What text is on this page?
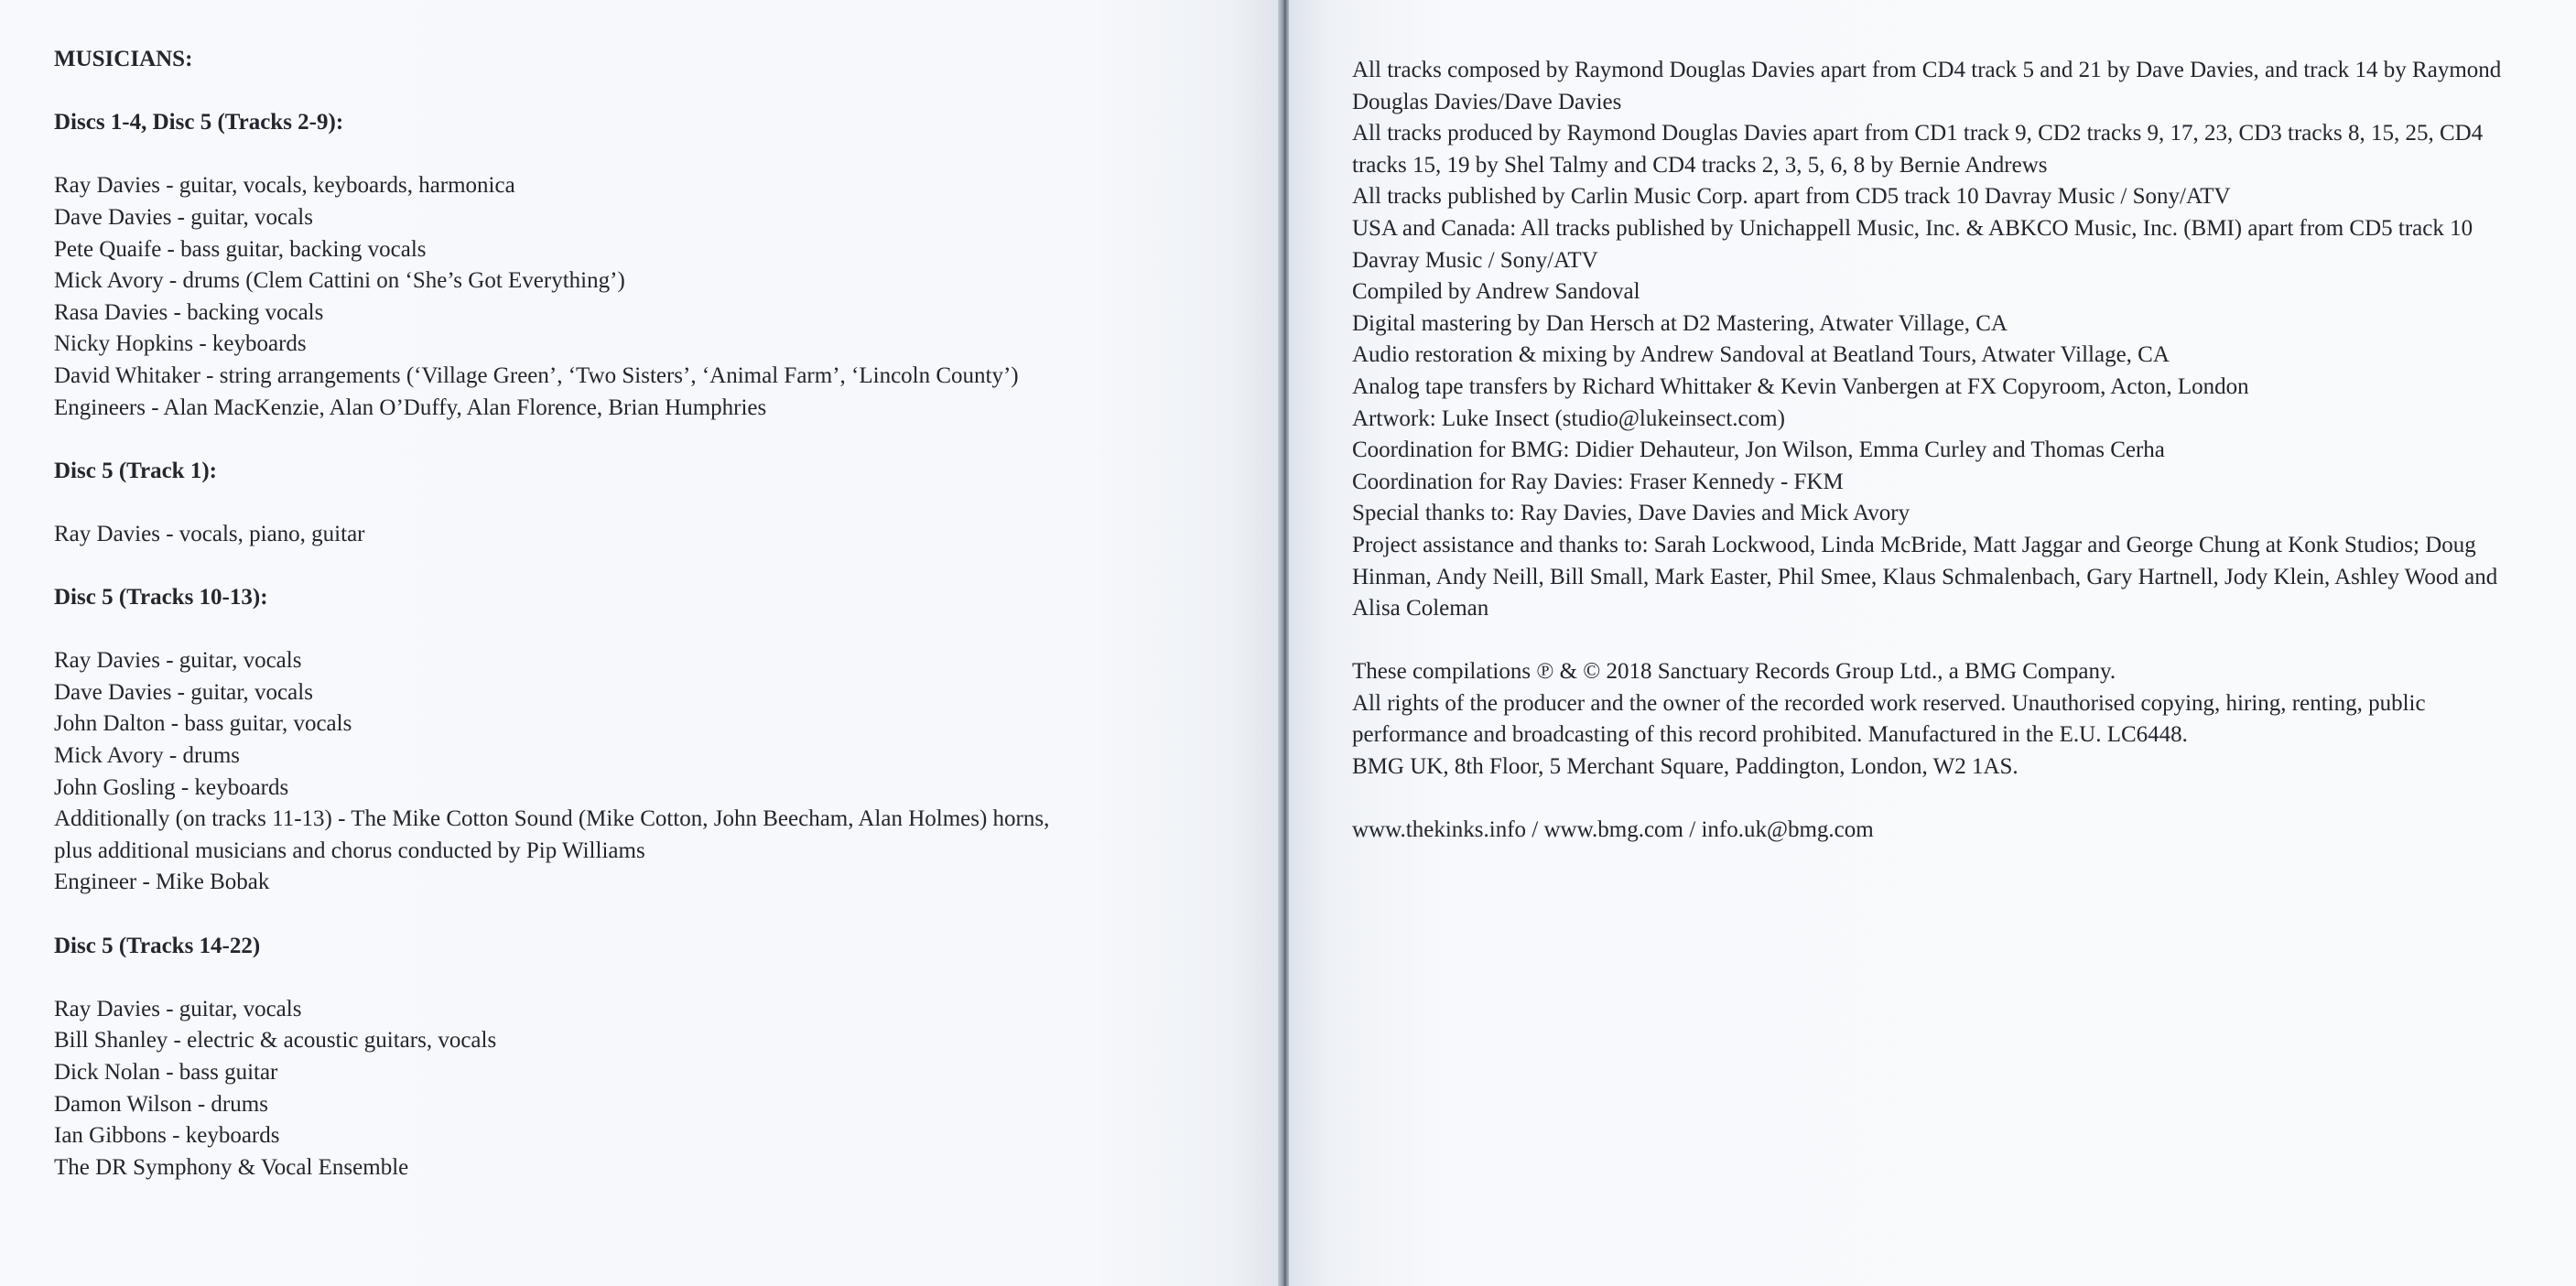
MUSICIANS:
Discs 1-4, Disc 5 (Tracks 2-9):
Ray Davies - guitar, vocals, keyboards, harmonica
Dave Davies - guitar, vocals
Pete Quaife - bass guitar, backing vocals
Mick Avory - drums (Clem Cattini on ‘She’s Got Everything’)
Rasa Davies - backing vocals
Nicky Hopkins - keyboards
David Whitaker - string arrangements (‘Village Green’, ‘Two Sisters’, ‘Animal Farm’, ‘Lincoln County’)
Engineers - Alan MacKenzie, Alan O’Duffy, Alan Florence, Brian Humphries
Disc 5 (Track 1):
Ray Davies - vocals, piano, guitar
Disc 5 (Tracks 10-13):
Ray Davies - guitar, vocals
Dave Davies - guitar, vocals
John Dalton - bass guitar, vocals
Mick Avory - drums
John Gosling - keyboards
Additionally (on tracks 11-13) - The Mike Cotton Sound (Mike Cotton, John Beecham, Alan Holmes) horns,
plus additional musicians and chorus conducted by Pip Williams
Engineer - Mike Bobak
Disc 5 (Tracks 14-22)
Ray Davies - guitar, vocals
Bill Shanley - electric & acoustic guitars, vocals
Dick Nolan - bass guitar
Damon Wilson - drums
Ian Gibbons - keyboards
The DR Symphony & Vocal Ensemble

All tracks composed by Raymond Douglas Davies apart from CD4 track 5 and 21 by Dave Davies, and track 14 by Raymond Douglas Davies/Dave Davies

All tracks produced by Raymond Douglas Davies apart from CD1 track 9, CD2 tracks 9, 17, 23, CD3 tracks 8, 15, 25, CD4 tracks 15, 19 by Shel Talmy and CD4 tracks 2, 3, 5, 6, 8 by Bernie Andrews

All tracks published by Carlin Music Corp. apart from CD5 track 10 Davray Music / Sony/ATV

USA and Canada: All tracks published by Unichappell Music, Inc. & ABKCO Music, Inc. (BMI) apart from CD5 track 10 Davray Music / Sony/ATV

Compiled by Andrew Sandoval

Digital mastering by Dan Hersch at D2 Mastering, Atwater Village, CA

Audio restoration & mixing by Andrew Sandoval at Beatland Tours, Atwater Village, CA

Analog tape transfers by Richard Whittaker & Kevin Vanbergen at FX Copyroom, Acton, London

Artwork: Luke Insect (studio@lukeinsect.com)

Coordination for BMG: Didier Dehauteur, Jon Wilson, Emma Curley and Thomas Cerha

Coordination for Ray Davies: Fraser Kennedy - FKM

Special thanks to: Ray Davies, Dave Davies and Mick Avory

Project assistance and thanks to: Sarah Lockwood, Linda McBride, Matt Jaggar and George Chung at Konk Studios; Doug Hinman, Andy Neill, Bill Small, Mark Easter, Phil Smee, Klaus Schmalenbach, Gary Hartnell, Jody Klein, Ashley Wood and Alisa Coleman

These compilations ℗ & © 2018 Sanctuary Records Group Ltd., a BMG Company.

All rights of the producer and the owner of the recorded work reserved. Unauthorised copying, hiring, renting, public performance and broadcasting of this record prohibited. Manufactured in the E.U. LC6448.

BMG UK, 8th Floor, 5 Merchant Square, Paddington, London, W2 1AS.

www.thekinks.info / www.bmg.com / info.uk@bmg.com
